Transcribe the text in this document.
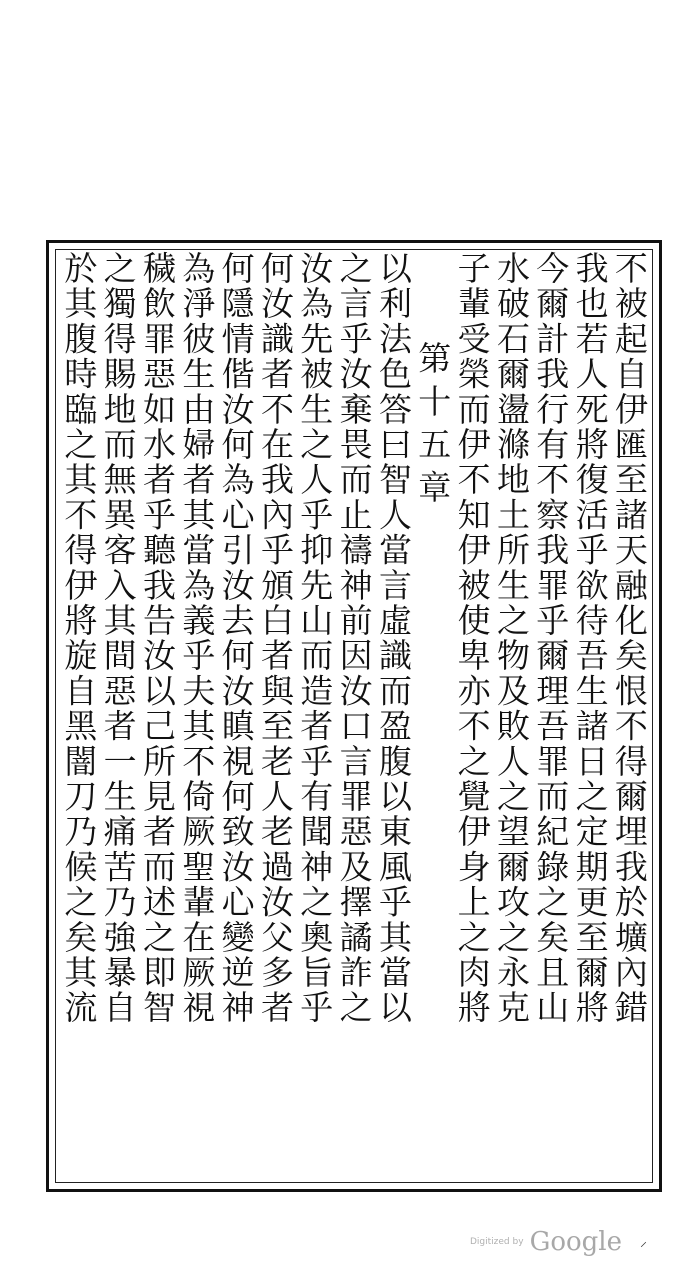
不被起自伊匯至諸天融化矣恨不得爾埋我於壙內錯
我也若人死將復活乎欲待吾生諸日之定期更至爾將
今爾計我行有不察我罪乎爾理吾罪而紀錄之矣且山
水破石爾盪滌地土所生之物及敗人之望爾攻之永克
子輩受榮而伊不知伊被使卑亦不之覺伊身上之肉將
第十五章
以利法色答曰智人當言虛識而盈腹以東風乎其當以
之言乎汝棄畏而止禱神前因汝口言罪惡及擇譎詐之
汝為先被生之人乎抑先山而造者乎有聞神之奧旨乎
何汝識者不在我內乎頒白者與至老人老過汝父多者
何隱情偕汝何為心引汝去何汝瞋視何致汝心變逆神
為淨彼生由婦者其當為義乎夫其不倚厥聖輩在厥視
穢飲罪惡如水者乎聽我告汝以己所見者而述之即智
之獨得賜地而無異客入其間惡者一生痛苦乃強暴自
於其腹時臨之其不得伊將旋自黑闇刀乃候之矣其流
Digitized by Google ⸝
